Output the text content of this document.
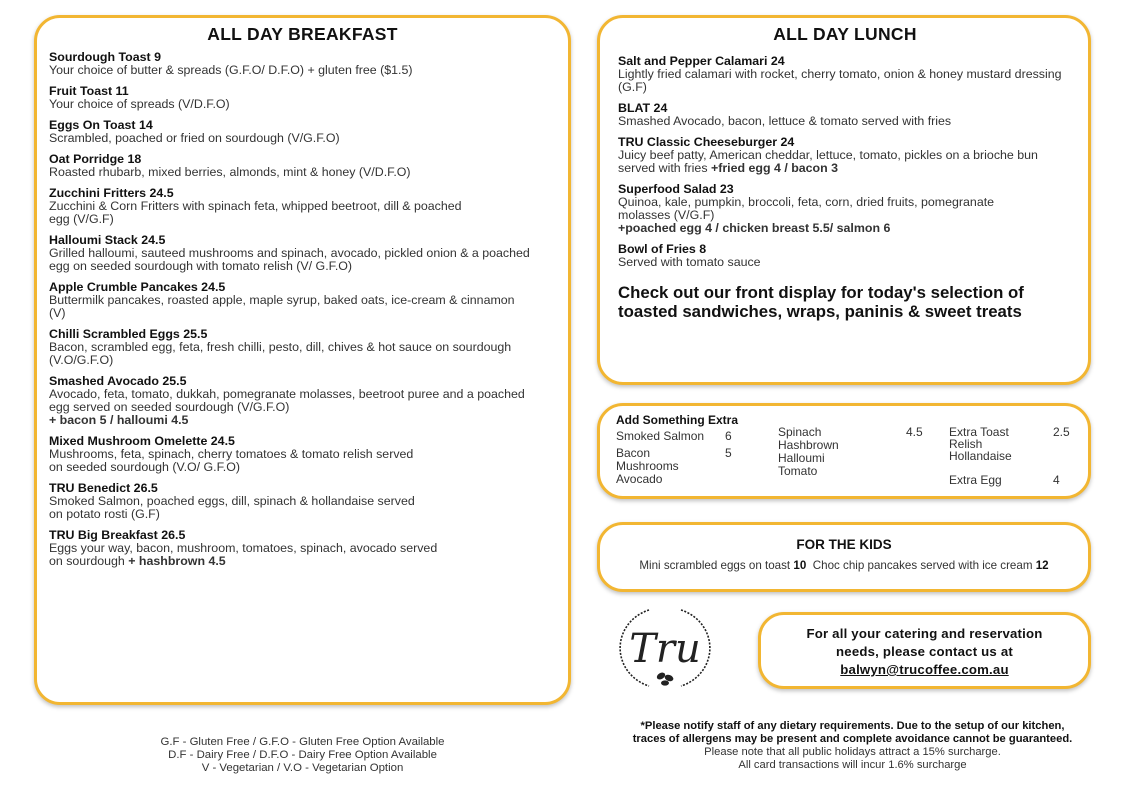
ALL DAY BREAKFAST
Sourdough Toast 9
Your choice of butter & spreads (G.F.O/ D.F.O) + gluten free ($1.5)
Fruit Toast 11
Your choice of spreads (V/D.F.O)
Eggs On Toast 14
Scrambled, poached or fried on sourdough (V/G.F.O)
Oat Porridge 18
Roasted rhubarb, mixed berries, almonds, mint & honey (V/D.F.O)
Zucchini Fritters 24.5
Zucchini & Corn Fritters with spinach feta, whipped beetroot, dill & poached egg (V/G.F)
Halloumi Stack 24.5
Grilled halloumi, sauteed mushrooms and spinach, avocado, pickled onion & a poached egg on seeded sourdough with tomato relish (V/ G.F.O)
Apple Crumble Pancakes 24.5
Buttermilk pancakes, roasted apple, maple syrup, baked oats, ice-cream & cinnamon (V)
Chilli Scrambled Eggs 25.5
Bacon, scrambled egg, feta, fresh chilli, pesto, dill, chives & hot sauce on sourdough (V.O/G.F.O)
Smashed Avocado 25.5
Avocado, feta, tomato, dukkah, pomegranate molasses, beetroot puree and a poached egg served on seeded sourdough (V/G.F.O)
+ bacon 5 / halloumi 4.5
Mixed Mushroom Omelette 24.5
Mushrooms, feta, spinach, cherry tomatoes & tomato relish served on seeded sourdough (V.O/ G.F.O)
TRU Benedict 26.5
Smoked Salmon, poached eggs, dill, spinach & hollandaise served on potato rosti (G.F)
TRU Big Breakfast 26.5
Eggs your way, bacon, mushroom, tomatoes, spinach, avocado served on sourdough + hashbrown 4.5
ALL DAY LUNCH
Salt and Pepper Calamari 24
Lightly fried calamari with rocket, cherry tomato, onion & honey mustard dressing (G.F)
BLAT 24
Smashed Avocado, bacon, lettuce & tomato served with fries
TRU Classic Cheeseburger 24
Juicy beef patty, American cheddar, lettuce, tomato, pickles on a brioche bun served with fries +fried egg 4 / bacon 3
Superfood Salad 23
Quinoa, kale, pumpkin, broccoli, feta, corn, dried fruits, pomegranate molasses (V/G.F)
+poached egg 4 / chicken breast 5.5/ salmon 6
Bowl of Fries 8
Served with tomato sauce
Check out our front display for today's selection of toasted sandwiches, wraps, paninis & sweet treats
Add Something Extra
Smoked Salmon 6
Bacon	5
Mushrooms
Avocado
Spinach	4.5
Hashbrown
Halloumi
Tomato
Extra Toast	2.5
Relish
Hollandaise
Extra Egg	4
FOR THE KIDS
Mini scrambled eggs on toast 10 Choc chip pancakes served with ice cream 12
Tru	For all your catering and reservation
needs, please contact us at
balwyn@trucoffee.com.au
G.F - Gluten Free / G.F.O - Gluten Free Option Available
D.F - Dairy Free / D.F.O - Dairy Free Option Available
V - Vegetarian / V.O - Vegetarian Option
*Please notify staff of any dietary requirements. Due to the setup of our kitchen,
traces of allergens may be present and complete avoidance cannot be guaranteed.
Please note that all public holidays attract a 15% surcharge.
All card transactions will incur 1.6% surcharge
